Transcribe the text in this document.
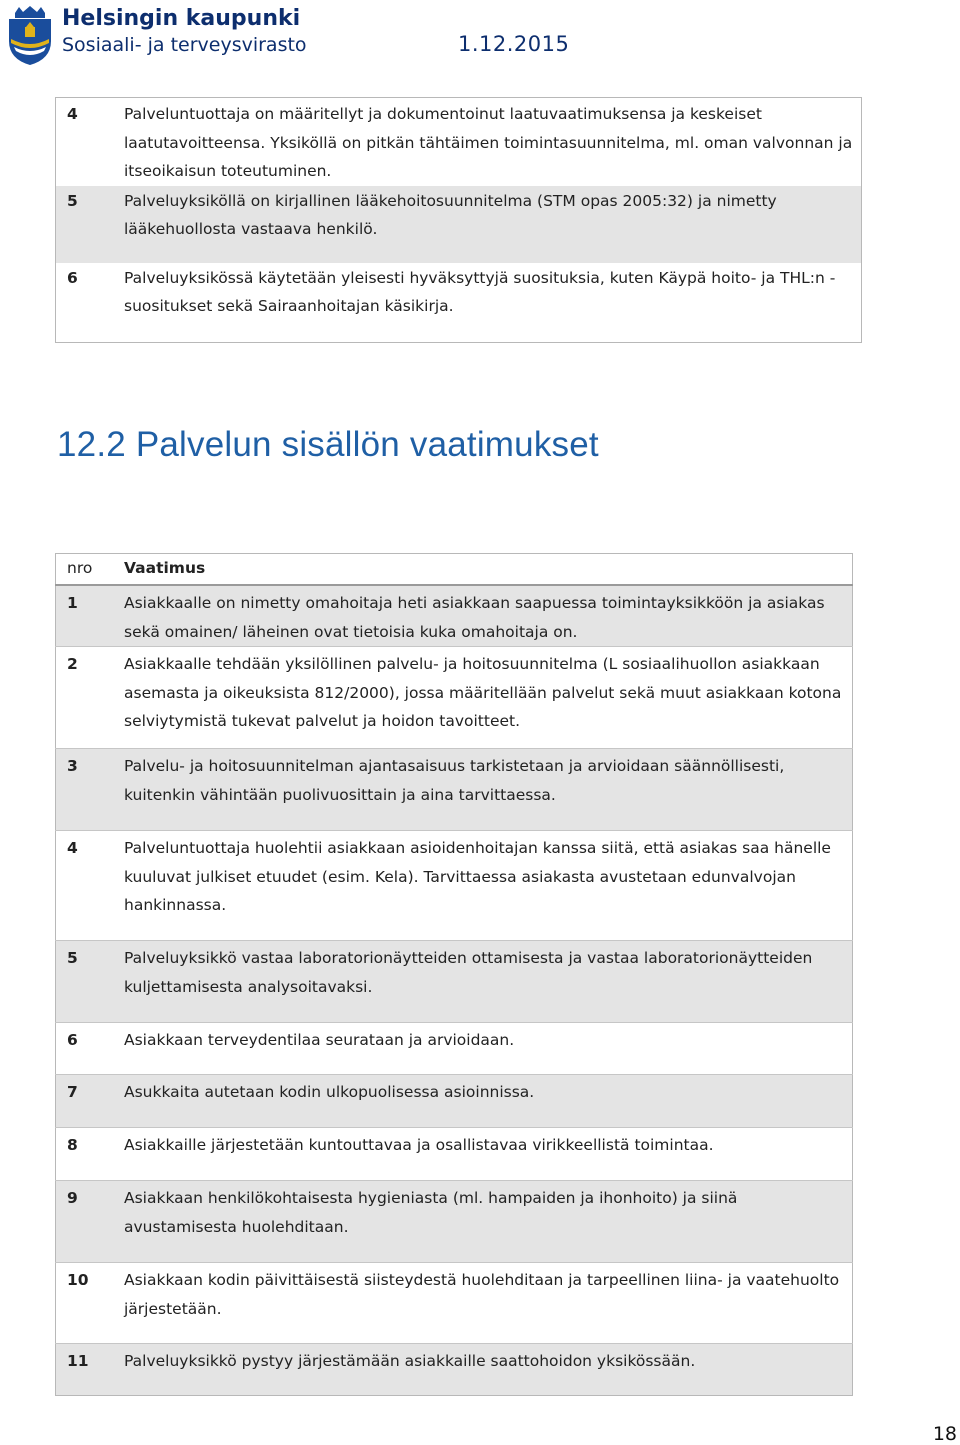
Helsingin kaupunki
Sosiaali- ja terveysvirasto	1.12.2015
4	Palveluntuottaja on määritellyt ja dokumentoinut laatuvaatimuksensa ja keskeiset laatutavoitteensa. Yksiköllä on pitkän tähtäimen toimintasuunnitelma, ml. oman valvonnan ja itseoikaisun toteutuminen.
5	Palveluyksiköllä on kirjallinen lääkehoitosuunnitelma (STM opas 2005:32) ja nimetty lääkehuollosta vastaava henkilö.
6	Palveluyksikössä käytetään yleisesti hyväksyttyjä suosituksia, kuten Käypä hoito- ja THL:n -suositukset sekä Sairaanhoitajan käsikirja.
12.2 Palvelun sisällön vaatimukset
nro	Vaatimus
1	Asiakkaalle on nimetty omahoitaja heti asiakkaan saapuessa toimintayksikköön ja asiakas sekä omainen/ läheinen ovat tietoisia kuka omahoitaja on.
2	Asiakkaalle tehdään yksilöllinen palvelu- ja hoitosuunnitelma (L sosiaalihuollon asiakkaan asemasta ja oikeuksista 812/2000), jossa määritellään palvelut sekä muut asiakkaan kotona selviytymistä tukevat palvelut ja hoidon tavoitteet.
3	Palvelu- ja hoitosuunnitelman ajantasaisuus tarkistetaan ja arvioidaan säännöllisesti, kuitenkin vähintään puolivuosittain ja aina tarvittaessa.
4	Palveluntuottaja huolehtii asiakkaan asioidenhoitajan kanssa siitä, että asiakas saa hänelle kuuluvat julkiset etuudet (esim. Kela). Tarvittaessa asiakasta avustetaan edunvalvojan hankinnassa.
5	Palveluyksikkö vastaa laboratorionäytteiden ottamisesta ja vastaa laboratorionäytteiden kuljettamisesta analysoitavaksi.
6	Asiakkaan terveydentilaa seurataan ja arvioidaan.
7	Asukkaita autetaan kodin ulkopuolisessa asioinnissa.
8	Asiakkaille järjestetään kuntouttavaa ja osallistavaa virikkeellistä toimintaa.
9	Asiakkaan henkilökohtaisesta hygieniasta (ml. hampaiden ja ihonhoito) ja siinä avustamisesta huolehditaan.
10	Asiakkaan kodin päivittäisestä siisteydestä huolehditaan ja tarpeellinen liina- ja vaatehuolto järjestetään.
11	Palveluyksikkö pystyy järjestämään asiakkaille saattohoidon yksikössään.
18
